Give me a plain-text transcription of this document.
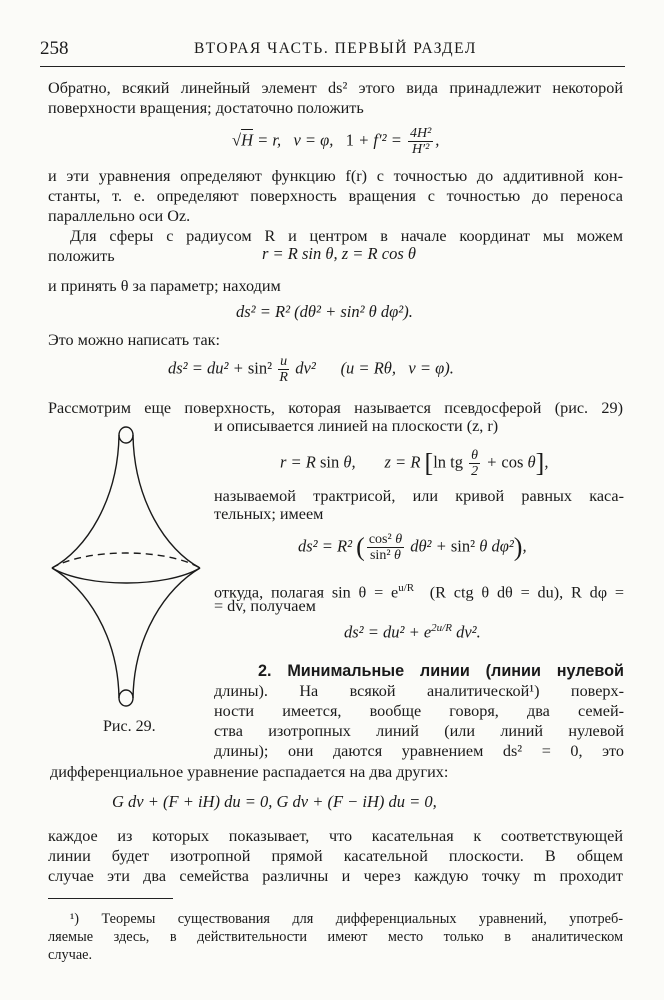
258	ВТОРАЯ ЧАСТЬ. ПЕРВЫЙ РАЗДЕЛ
Обратно, всякий линейный элемент ds² этого вида принадлежит некоторой
поверхности вращения; достаточно положить
√H = r,   v = φ,   $1 + f'^2 = \frac{\text{4H²}}{\text{H′²}}$ ,
и эти уравнения определяют функцию f(r) с точностью до аддитивной кон-
станты, т. е. определяют поверхность вращения с точностью до переноса
параллельно оси Oz.
Для сферы с радиусом R и центром в начале координат мы можем
положить	r = R sin θ, z = R cos θ
и принять θ за параметр; находим
ds² = R² (dθ² + sin² θ dφ²).
Это можно написать так:
$ds^2 = du^2 + \sin^2 \frac{u}{R} dv^2$      (u = Rθ,   v = φ).
Рассмотрим еще поверхность, которая называется псевдосферой (рис. 29)
и описывается линией на плоскости (z, r)
r = R sin θ,       z = R [ln tg $\frac{\theta}{2} + \cos \theta$],
называемой трактрисой, или кривой равных каса-
тельных; имеем
ds² = R² ( $\frac{\text{cos² θ}}{\text{sin² θ}} d\theta^2 + \sin^2$ θ dφ²),
откуда, полагая $\sin \theta = e^{u/R}$  (R ctg θ dθ = du), R dφ =
= dv, получаем
$ds^2 = du^2 + e^{2u/R}$ dv².
2. Минимальные линии (линии нулевой
длины). На всякой аналитической¹) поверх-
ности имеется, вообще говоря, два семей-
ства изотропных линий (или линий нулевой
длины); они даются уравнением ds² = 0, это
дифференциальное уравнение распадается на два других:
G dv + (F + iH) du = 0, G dv + (F − iH) du = 0,
каждое из которых показывает, что касательная к соответствующей
линии будет изотропной прямой касательной плоскости. В общем
случае эти два семейства различны и через каждую точку m проходит
Рис. 29.
¹) Теоремы существования для дифференциальных уравнений, употреб-
ляемые здесь, в действительности имеют место только в аналитическом
случае.
